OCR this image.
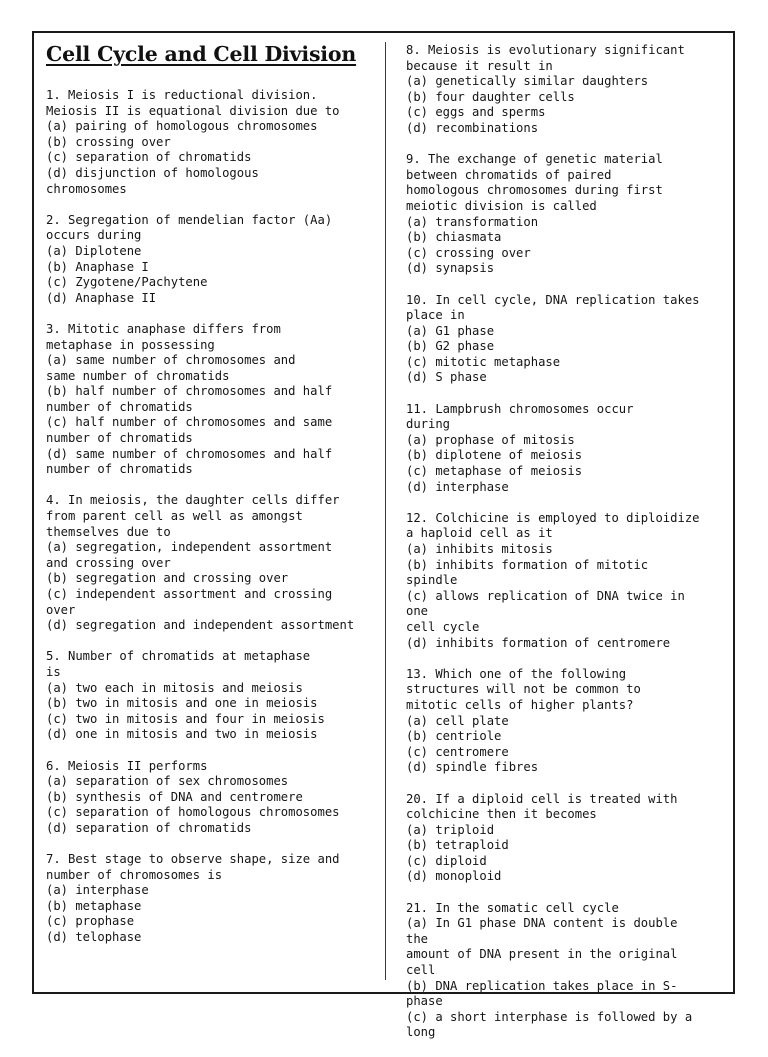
Cell Cycle and Cell Division

1. Meiosis I is reductional division.
Meiosis II is equational division due to

(a) pairing of homologous chromosomes
(b) crossing over
(c) separation of chromatids
(d) disjunction of homologous
chromosomes

2. Segregation of mendelian factor (Aa)
occurs during

(a) Diplotene
(b) Anaphase I
(c) Zygotene/Pachytene
(d) Anaphase II

3. Mitotic anaphase differs from
metaphase in possessing

(a) same number of chromosomes and
same number of chromatids
(b) half number of chromosomes and half
number of chromatids
(c) half number of chromosomes and same
number of chromatids
(d) same number of chromosomes and half
number of chromatids

4. In meiosis, the daughter cells differ
from parent cell as well as amongst
themselves due to

(a) segregation, independent assortment
and crossing over
(b) segregation and crossing over
(c) independent assortment and crossing
over
(d) segregation and independent assortment

5. Number of chromatids at metaphase
is

(a) two each in mitosis and meiosis
(b) two in mitosis and one in meiosis
(c) two in mitosis and four in meiosis
(d) one in mitosis and two in meiosis

6. Meiosis II performs

(a) separation of sex chromosomes
(b) synthesis of DNA and centromere
(c) separation of homologous chromosomes
(d) separation of chromatids

7. Best stage to observe shape, size and
number of chromosomes is

(a) interphase
(b) metaphase
(c) prophase
(d) telophase

8. Meiosis is evolutionary significant
because it result in

(a) genetically similar daughters
(b) four daughter cells
(c) eggs and sperms
(d) recombinations

9. The exchange of genetic material
between chromatids of paired
homologous chromosomes during first
meiotic division is called

(a) transformation
(b) chiasmata
(c) crossing over
(d) synapsis

10. In cell cycle, DNA replication takes
place in

(a) G1 phase
(b) G2 phase
(c) mitotic metaphase
(d) S phase

11. Lampbrush chromosomes occur
during

(a) prophase of mitosis
(b) diplotene of meiosis
(c) metaphase of meiosis
(d) interphase

12. Colchicine is employed to diploidize
a haploid cell as it

(a) inhibits mitosis
(b) inhibits formation of mitotic spindle
(c) allows replication of DNA twice in one
cell cycle
(d) inhibits formation of centromere

13. Which one of the following
structures will not be common to
mitotic cells of higher plants?

(a) cell plate
(b) centriole
(c) centromere
(d) spindle fibres

20. If a diploid cell is treated with
colchicine then it becomes

(a) triploid
(b) tetraploid
(c) diploid
(d) monoploid

21. In the somatic cell cycle

(a) In G1 phase DNA content is double the
amount of DNA present in the original cell
(b) DNA replication takes place in S-phase
(c) a short interphase is followed by a long
